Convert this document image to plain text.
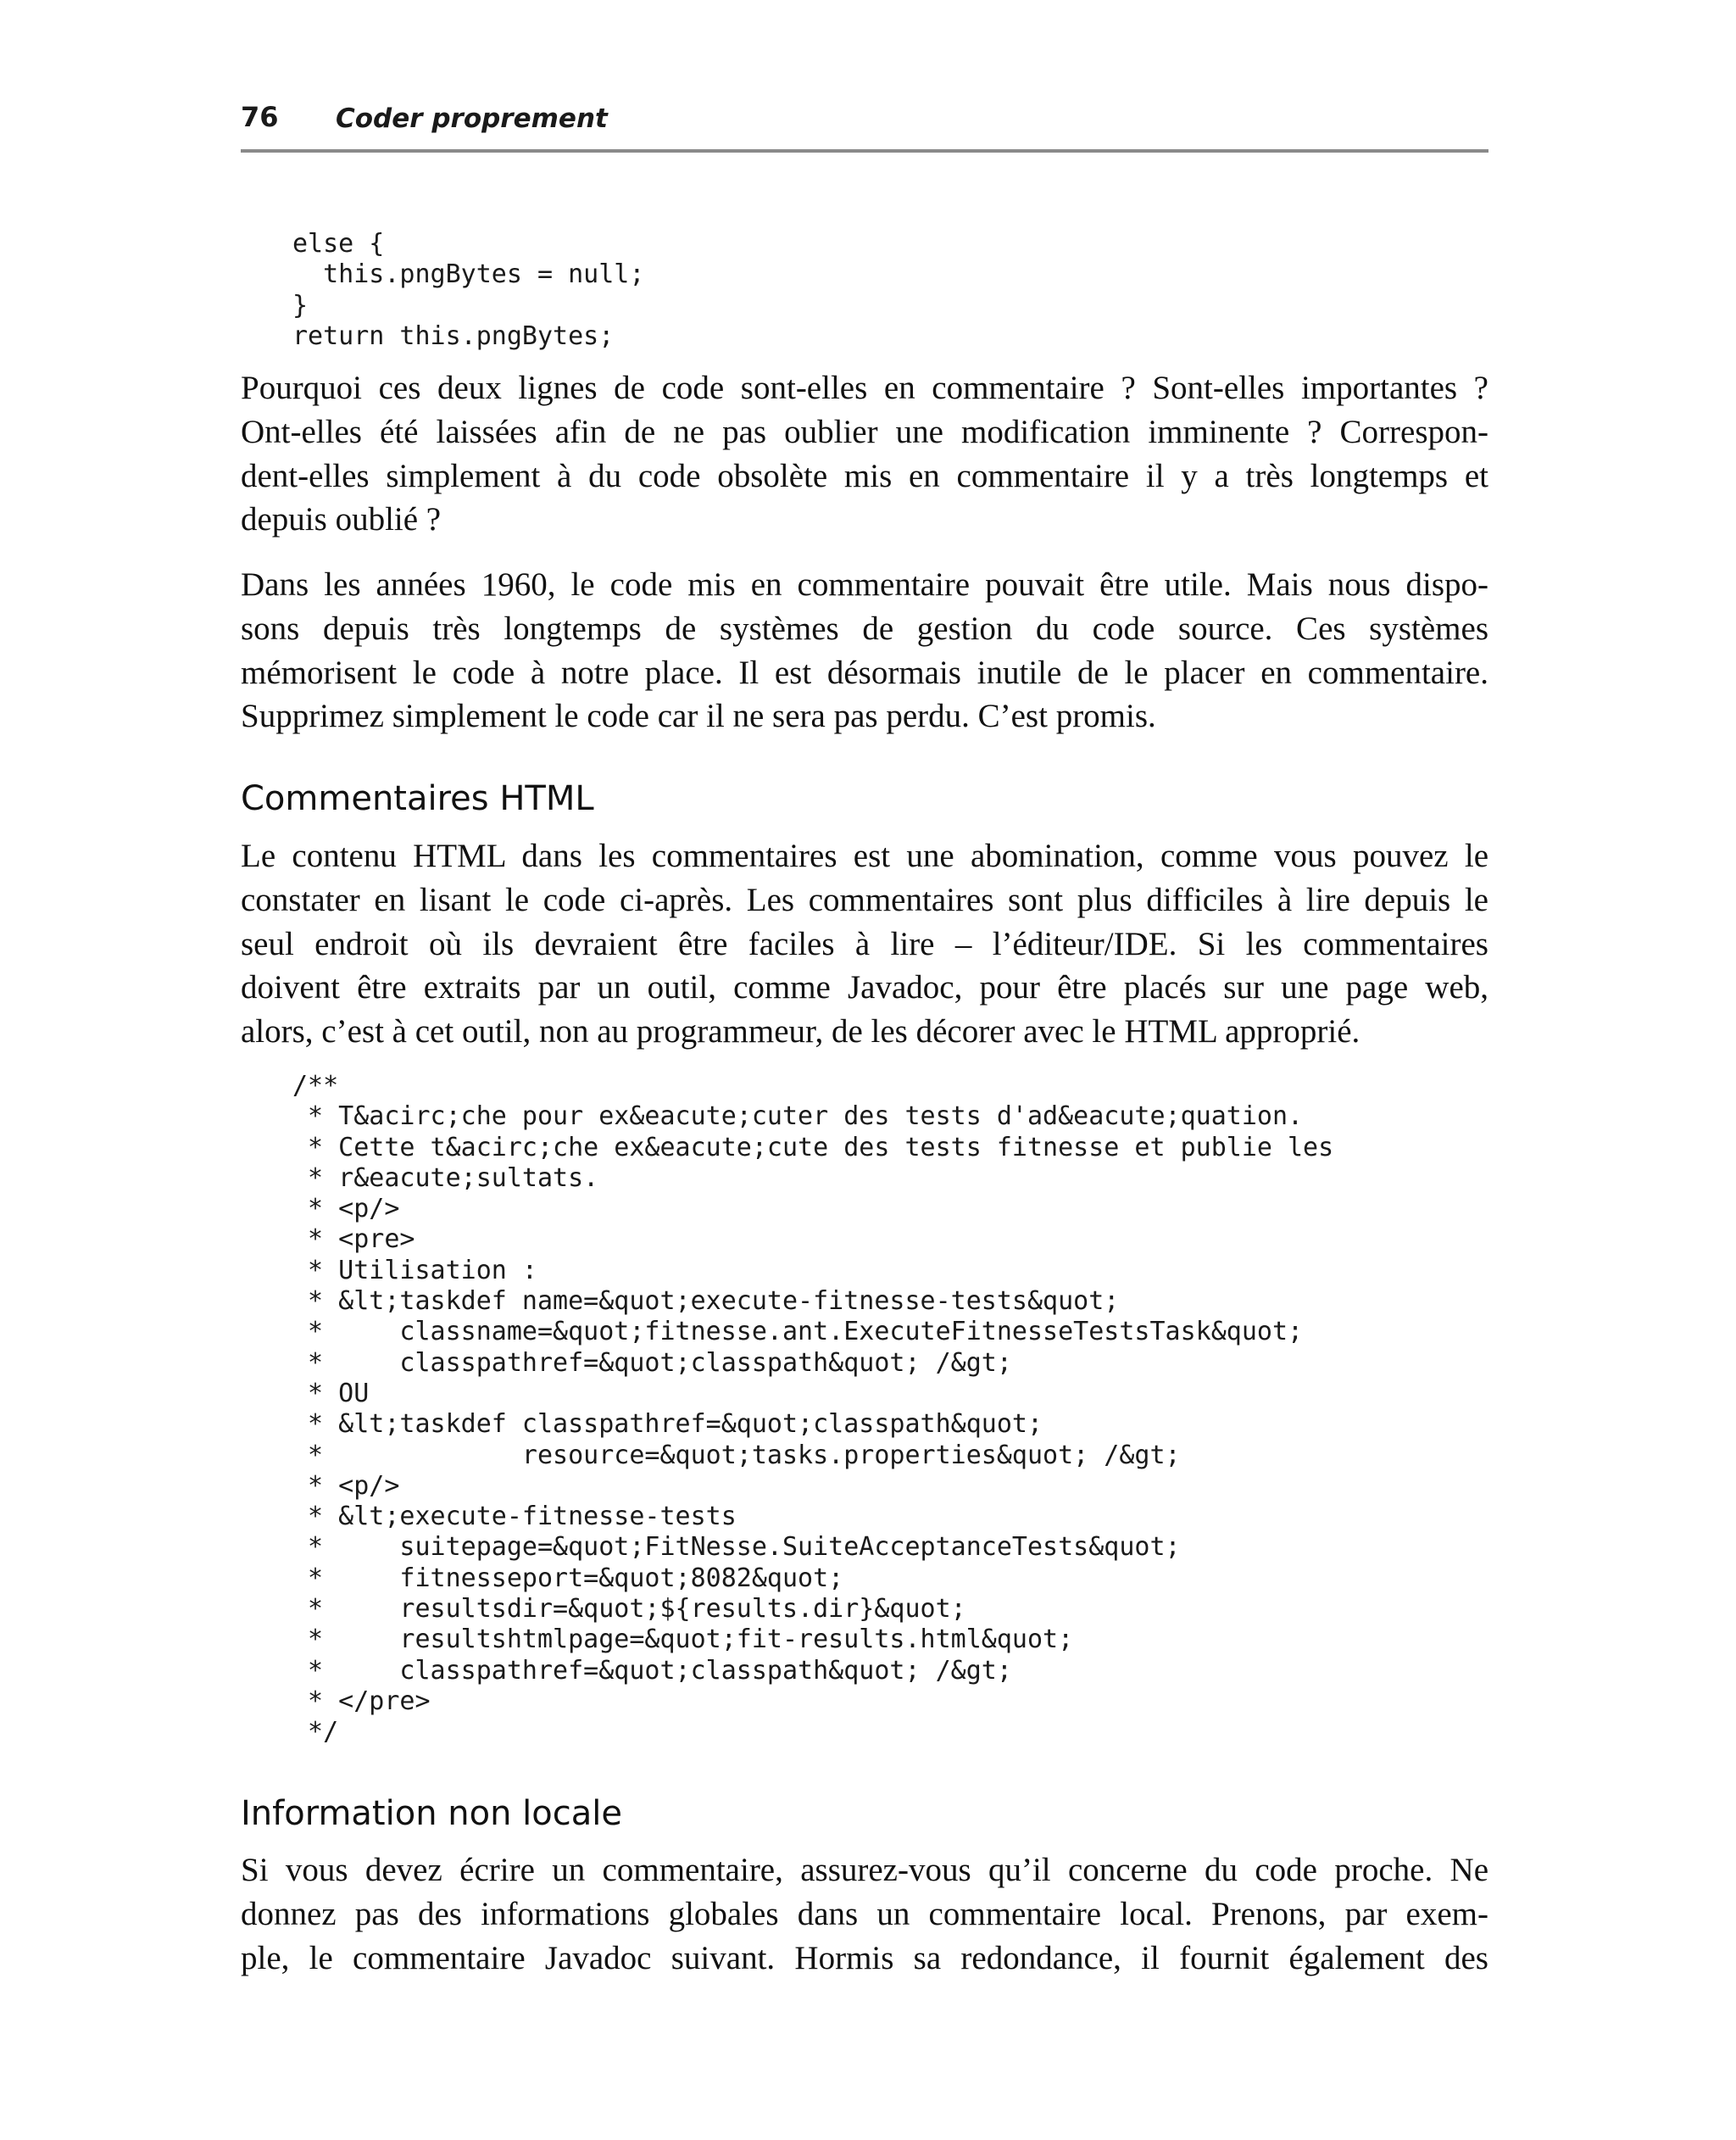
76 Coder proprement
else {
this.pngBytes = null;
}
return this.pngBytes;
Pourquoi ces deux lignes de code sont-elles en commentaire ? Sont-elles importantes ?
Ont-elles été laissées afin de ne pas oublier une modification imminente ? Correspon-
dent-elles simplement à du code obsolète mis en commentaire il y a très longtemps et
depuis oublié ?
Dans les années 1960, le code mis en commentaire pouvait être utile. Mais nous dispo-
sons depuis très longtemps de systèmes de gestion du code source. Ces systèmes
mémorisent le code à notre place. Il est désormais inutile de le placer en commentaire.
Supprimez simplement le code car il ne sera pas perdu. C’est promis.
Commentaires HTML
Le contenu HTML dans les commentaires est une abomination, comme vous pouvez le
constater en lisant le code ci-après. Les commentaires sont plus difficiles à lire depuis le
seul endroit où ils devraient être faciles à lire – l’éditeur/IDE. Si les commentaires
doivent être extraits par un outil, comme Javadoc, pour être placés sur une page web,
alors, c’est à cet outil, non au programmeur, de les décorer avec le HTML approprié.
/**
* T&acirc;che pour ex&eacute;cuter des tests d'ad&eacute;quation.
* Cette t&acirc;che ex&eacute;cute des tests fitnesse et publie les
* r&eacute;sultats.
* <p/>
* <pre>
* Utilisation :
* &lt;taskdef name=&quot;execute-fitnesse-tests&quot;
*     classname=&quot;fitnesse.ant.ExecuteFitnesseTestsTask&quot;
*     classpathref=&quot;classpath&quot; /&gt;
* OU
* &lt;taskdef classpathref=&quot;classpath&quot;
*             resource=&quot;tasks.properties&quot; /&gt;
* <p/>
* &lt;execute-fitnesse-tests
*     suitepage=&quot;FitNesse.SuiteAcceptanceTests&quot;
*     fitnesseport=&quot;8082&quot;
*     resultsdir=&quot;${results.dir}&quot;
*     resultshtmlpage=&quot;fit-results.html&quot;
*     classpathref=&quot;classpath&quot; /&gt;
* </pre>
*/
Information non locale
Si vous devez écrire un commentaire, assurez-vous qu’il concerne du code proche. Ne
donnez pas des informations globales dans un commentaire local. Prenons, par exem-
ple, le commentaire Javadoc suivant. Hormis sa redondance, il fournit également des
